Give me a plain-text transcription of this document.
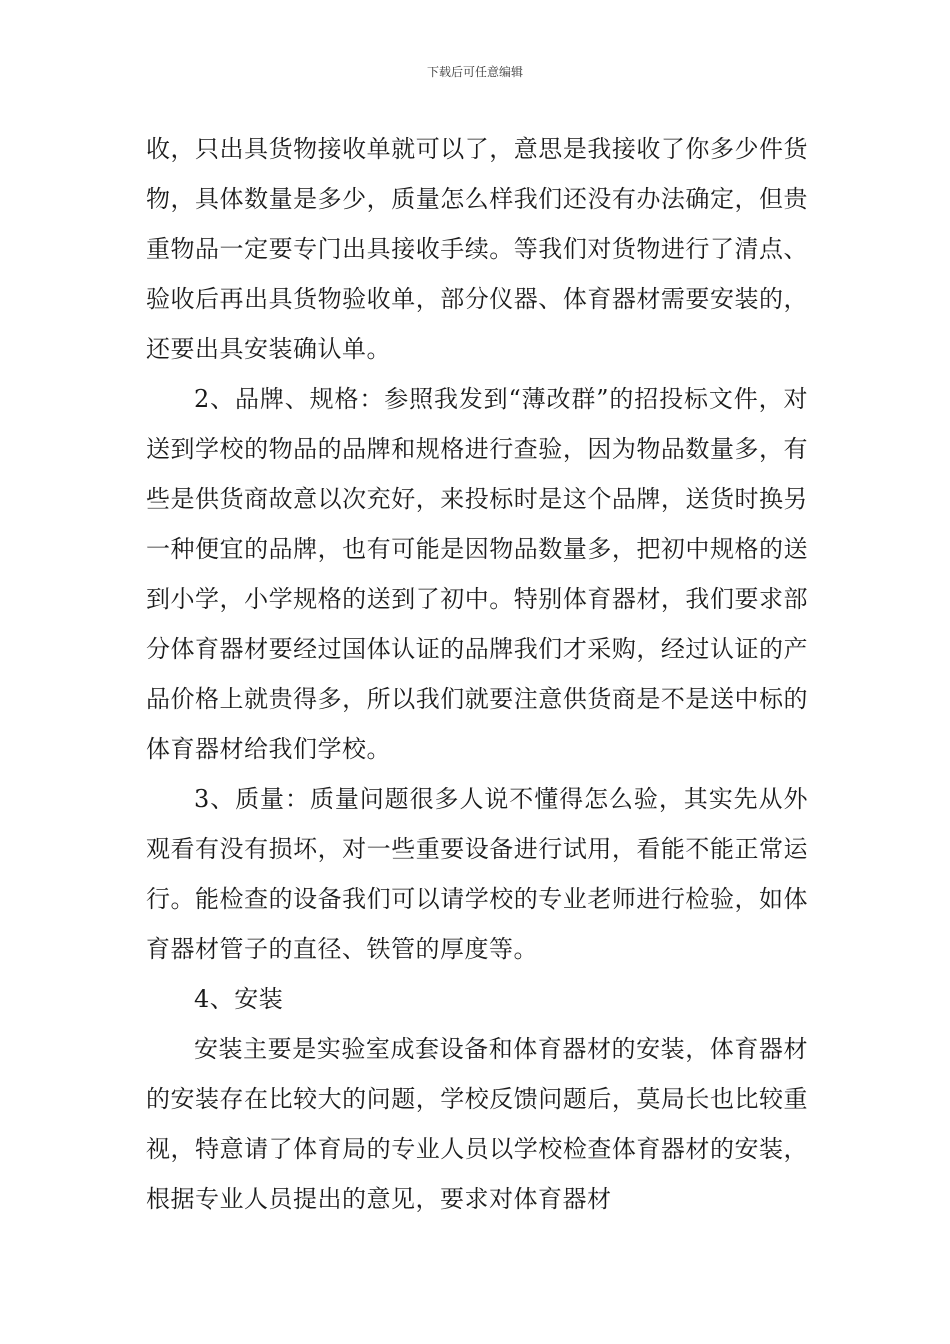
下载后可任意编辑

收，只出具货物接收单就可以了，意思是我接收了你多少件货物，具体数量是多少，质量怎么样我们还没有办法确定，但贵重物品一定要专门出具接收手续。等我们对货物进行了清点、验收后再出具货物验收单，部分仪器、体育器材需要安装的，还要出具安装确认单。

2、品牌、规格：参照我发到“薄改群”的招投标文件，对送到学校的物品的品牌和规格进行查验，因为物品数量多，有些是供货商故意以次充好，来投标时是这个品牌，送货时换另一种便宜的品牌，也有可能是因物品数量多，把初中规格的送到小学，小学规格的送到了初中。特别体育器材，我们要求部分体育器材要经过国体认证的品牌我们才采购，经过认证的产品价格上就贵得多，所以我们就要注意供货商是不是送中标的体育器材给我们学校。

3、质量：质量问题很多人说不懂得怎么验，其实先从外观看有没有损坏，对一些重要设备进行试用，看能不能正常运行。能检查的设备我们可以请学校的专业老师进行检验，如体育器材管子的直径、铁管的厚度等。

4、安装

安装主要是实验室成套设备和体育器材的安装，体育器材的安装存在比较大的问题，学校反馈问题后，莫局长也比较重视，特意请了体育局的专业人员以学校检查体育器材的安装，根据专业人员提出的意见，要求对体育器材
